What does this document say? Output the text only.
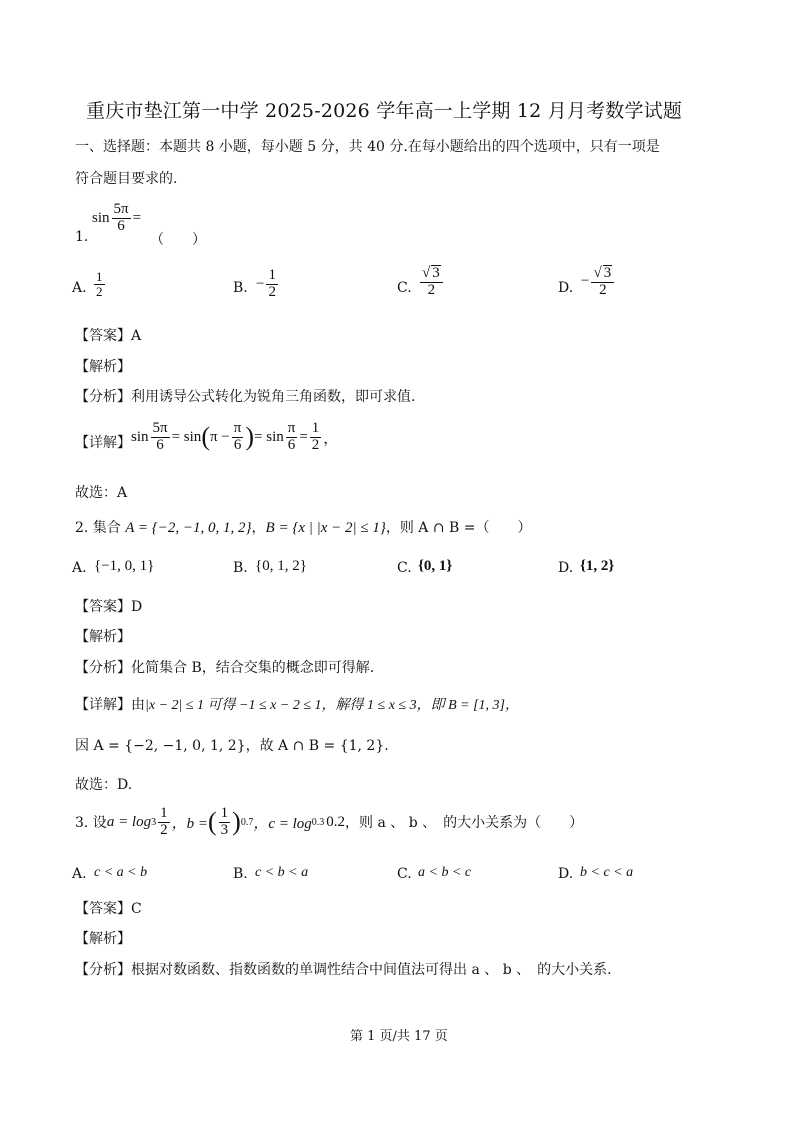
重庆市垫江第一中学 2025-2026 学年高一上学期 12 月月考数学试题
一、选择题：本题共 8 小题，每小题 5 分，共 40 分.在每小题给出的四个选项中，只有一项是
符合题目要求的.
$\sin \frac{5\pi}{6}$ =
1.	（　　）
A. $\frac{1}{2}$	B. − $\frac{1}{2}$	C. $\frac{√ 3}{2}$	D. − $\frac{√ 3}{2}$
【答案】A
【解析】
【分析】利用诱导公式转化为锐角三角函数，即可求值.
【详解】 $\sin \frac{5\pi}{6} = \sin$ ( $\pi - \frac{\pi}{6}$ ) = $\sin \frac{\pi}{6} = \frac{1}{2}$ ，
故选：A
2. 集合 A = {−2, −1, 0, 1, 2}，B = {x | |x − 2| ≤ 1}，则 A ∩ B =（　　）
A. {−1, 0, 1}	B. {0, 1, 2}	C. {0, 1}	D. {1, 2}
【答案】D
【解析】
【分析】化简集合 B，结合交集的概念即可得解.
【详解】由|x − 2| ≤ 1 可得 −1 ≤ x − 2 ≤ 1，解得 1 ≤ x ≤ 3，即 B = [1, 3]，
因 A = {−2, −1, 0, 1, 2}，故 A ∩ B = {1, 2}.
故选：D.
3. 设 $a = \log 3 \frac{1}{2}$ ，b = ( $\frac{1}{3}$ ) 0.7 ，c = log 0.3 0.2 ，则 a 、 b 、　的大小关系为（　　）
A. c < a < b	B. c < b < a	C. a < b < c	D. b < c < a
【答案】C
【解析】
【分析】根据对数函数、指数函数的单调性结合中间值法可得出 a 、 b 、　的大小关系.
第 1 页/共 17 页
